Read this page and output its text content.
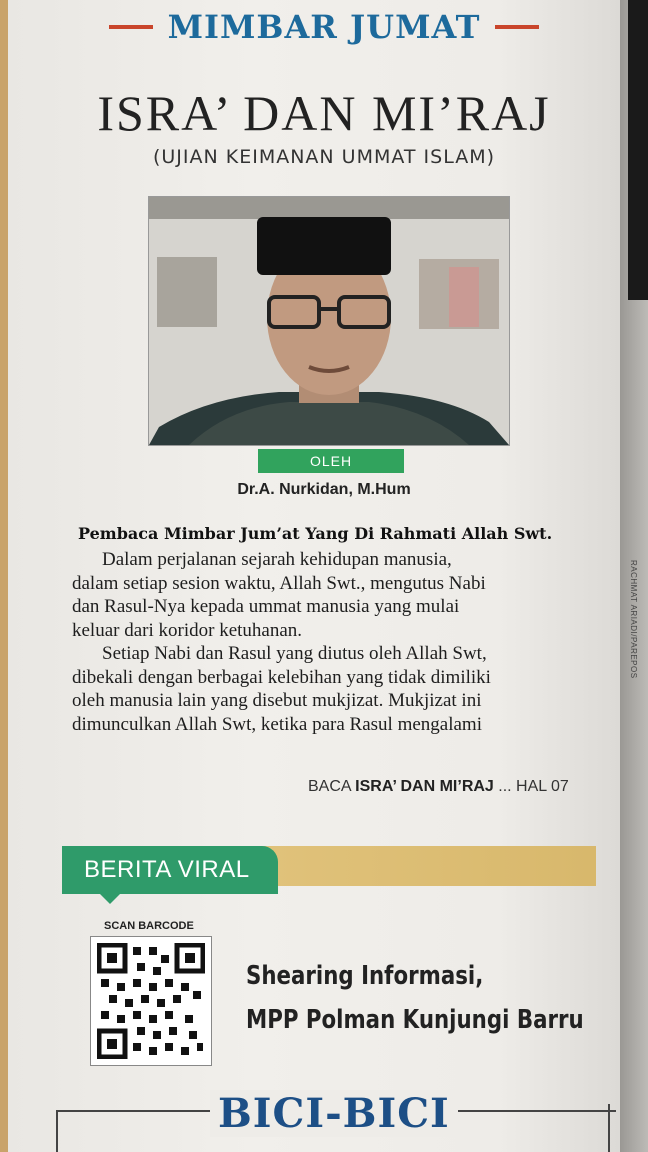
MIMBAR JUMAT
ISRA’ DAN MI’RAJ
(UJIAN KEIMANAN UMMAT ISLAM)
OLEH
Dr.A. Nurkidan, M.Hum
Pembaca Mimbar Jum’at Yang Di Rahmati Allah Swt.
Dalam perjalanan sejarah kehidupan manusia,
dalam setiap sesion waktu, Allah Swt., mengutus Nabi
dan Rasul-Nya kepada ummat manusia yang mulai
keluar dari koridor ketuhanan.
Setiap Nabi dan Rasul yang diutus oleh Allah Swt,
dibekali dengan berbagai kelebihan yang tidak dimiliki
oleh manusia lain yang disebut mukjizat. Mukjizat ini
dimunculkan Allah Swt, ketika para Rasul mengalami
BACA ISRA’ DAN MI’RAJ ... HAL 07
RACHMAT ARIADI/PAREPOS
BERITA VIRAL
SCAN BARCODE
Shearing Informasi,
MPP Polman Kunjungi Barru
BICI-BICI
